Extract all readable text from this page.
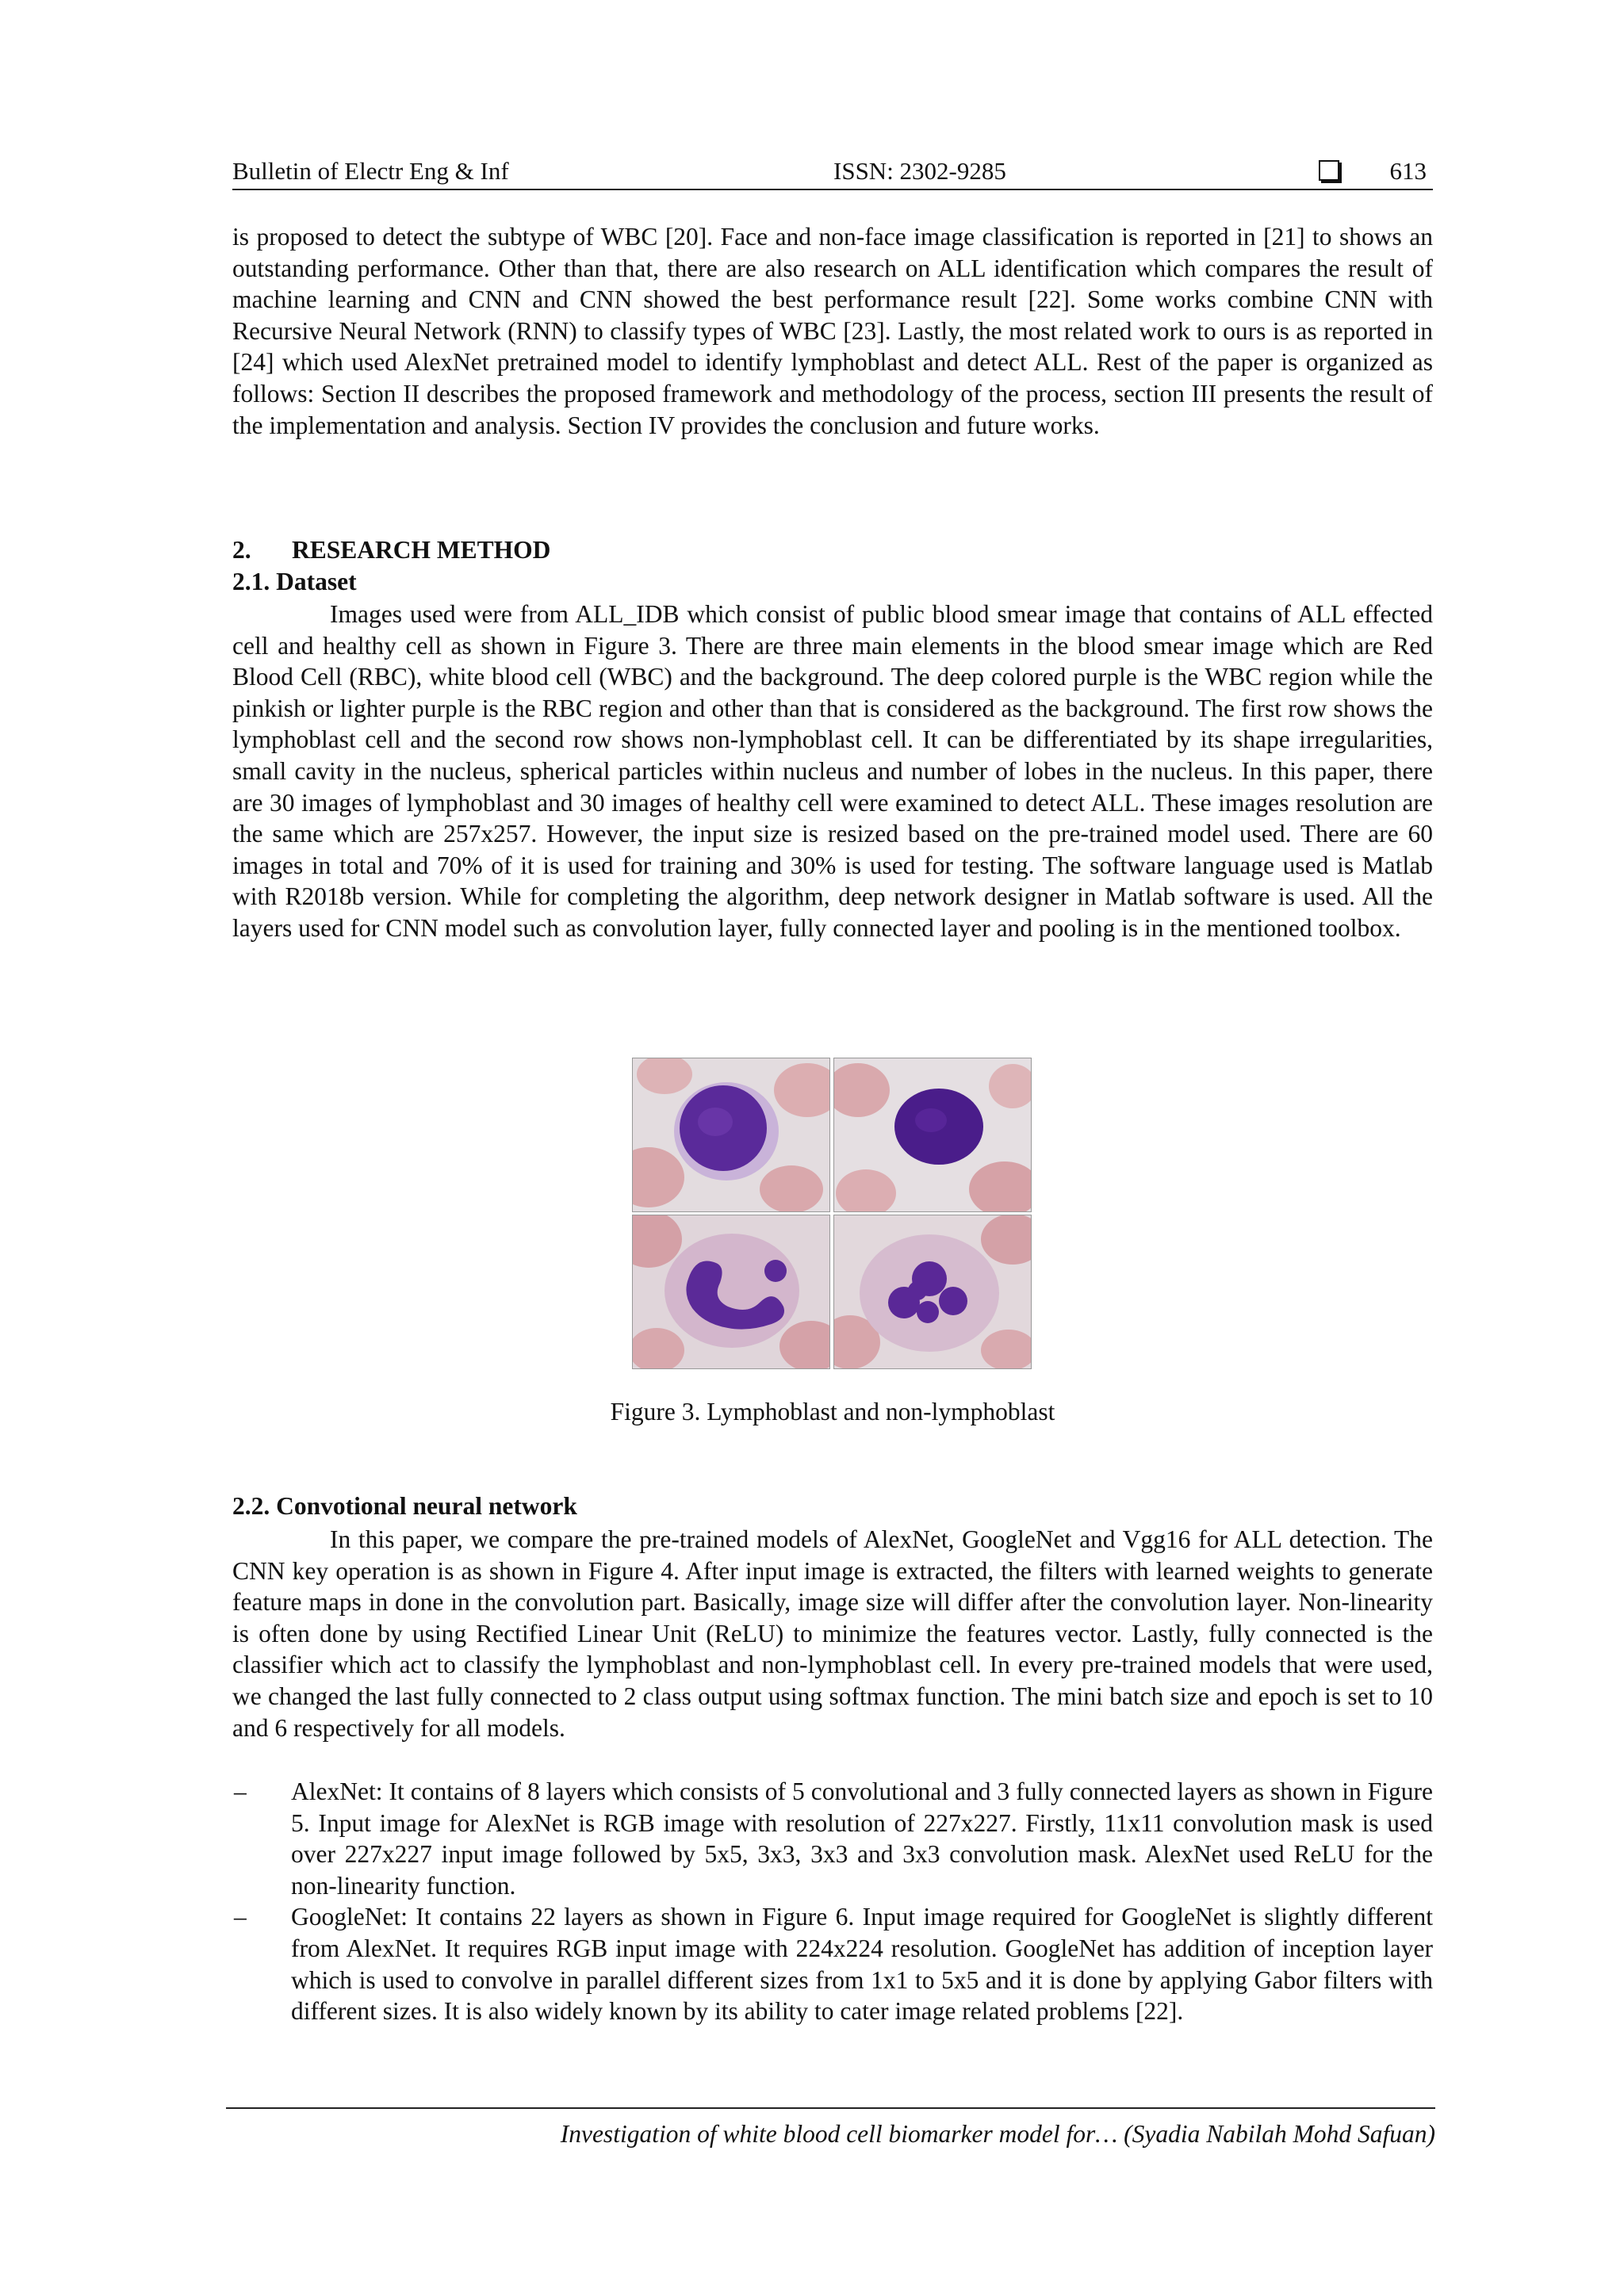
Bulletin of Electr Eng & Inf	ISSN: 2302-9285	613

is proposed to detect the subtype of WBC [20]. Face and non-face image classification is reported in [21] to shows an outstanding performance. Other than that, there are also research on ALL identification which compares the result of machine learning and CNN and CNN showed the best performance result [22]. Some works combine CNN with Recursive Neural Network (RNN) to classify types of WBC [23]. Lastly, the most related work to ours is as reported in [24] which used AlexNet pretrained model to identify lymphoblast and detect ALL. Rest of the paper is organized as follows: Section II describes the proposed framework and methodology of the process, section III presents the result of the implementation and analysis. Section IV provides the conclusion and future works.

2. RESEARCH METHOD
2.1. Dataset

Images used were from ALL_IDB which consist of public blood smear image that contains of ALL effected cell and healthy cell as shown in Figure 3. There are three main elements in the blood smear image which are Red Blood Cell (RBC), white blood cell (WBC) and the background. The deep colored purple is the WBC region while the pinkish or lighter purple is the RBC region and other than that is considered as the background. The first row shows the lymphoblast cell and the second row shows non-lymphoblast cell. It can be differentiated by its shape irregularities, small cavity in the nucleus, spherical particles within nucleus and number of lobes in the nucleus. In this paper, there are 30 images of lymphoblast and 30 images of healthy cell were examined to detect ALL. These images resolution are the same which are 257x257. However, the input size is resized based on the pre-trained model used. There are 60 images in total and 70% of it is used for training and 30% is used for testing. The software language used is Matlab with R2018b version. While for completing the algorithm, deep network designer in Matlab software is used. All the layers used for CNN model such as convolution layer, fully connected layer and pooling is in the mentioned toolbox.

Figure 3. Lymphoblast and non-lymphoblast
2.2. Convotional neural network

In this paper, we compare the pre-trained models of AlexNet, GoogleNet and Vgg16 for ALL detection. The CNN key operation is as shown in Figure 4. After input image is extracted, the filters with learned weights to generate feature maps in done in the convolution part. Basically, image size will differ after the convolution layer. Non-linearity is often done by using Rectified Linear Unit (ReLU) to minimize the features vector. Lastly, fully connected is the classifier which act to classify the lymphoblast and non-lymphoblast cell. In every pre-trained models that were used, we changed the last fully connected to 2 class output using softmax function. The mini batch size and epoch is set to 10 and 6 respectively for all models.

– AlexNet: It contains of 8 layers which consists of 5 convolutional and 3 fully connected layers as shown in Figure 5. Input image for AlexNet is RGB image with resolution of 227x227. Firstly, 11x11 convolution mask is used over 227x227 input image followed by 5x5, 3x3, 3x3 and 3x3 convolution mask. AlexNet used ReLU for the non-linearity function.
– GoogleNet: It contains 22 layers as shown in Figure 6. Input image required for GoogleNet is slightly different from AlexNet. It requires RGB input image with 224x224 resolution. GoogleNet has addition of inception layer which is used to convolve in parallel different sizes from 1x1 to 5x5 and it is done by applying Gabor filters with different sizes. It is also widely known by its ability to cater image related problems [22].
Investigation of white blood cell biomarker model for… (Syadia Nabilah Mohd Safuan)
